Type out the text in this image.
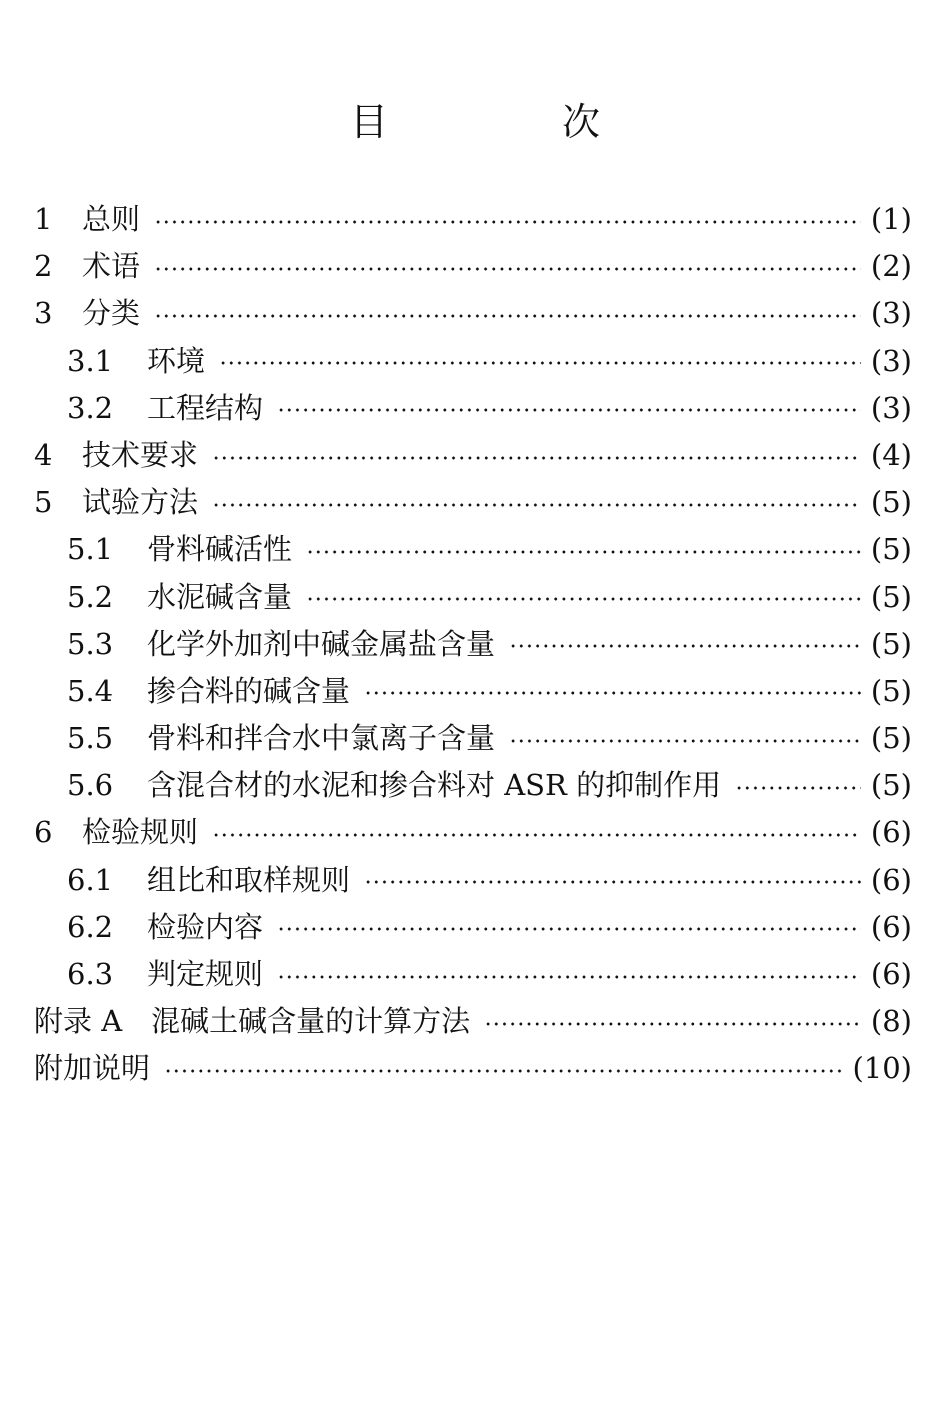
目　次
1	总则	(1)
2	术语	(2)
3	分类	(3)
3.1	环境	(3)
3.2	工程结构	(3)
4	技术要求	(4)
5	试验方法	(5)
5.1	骨料碱活性	(5)
5.2	水泥碱含量	(5)
5.3	化学外加剂中碱金属盐含量	(5)
5.4	掺合料的碱含量	(5)
5.5	骨料和拌合水中氯离子含量	(5)
5.6	含混合材的水泥和掺合料对 ASR 的抑制作用	(5)
6	检验规则	(6)
6.1	组比和取样规则	(6)
6.2	检验内容	(6)
6.3	判定规则	(6)
附录 A　混碱土碱含量的计算方法	(8)
附加说明	(10)
